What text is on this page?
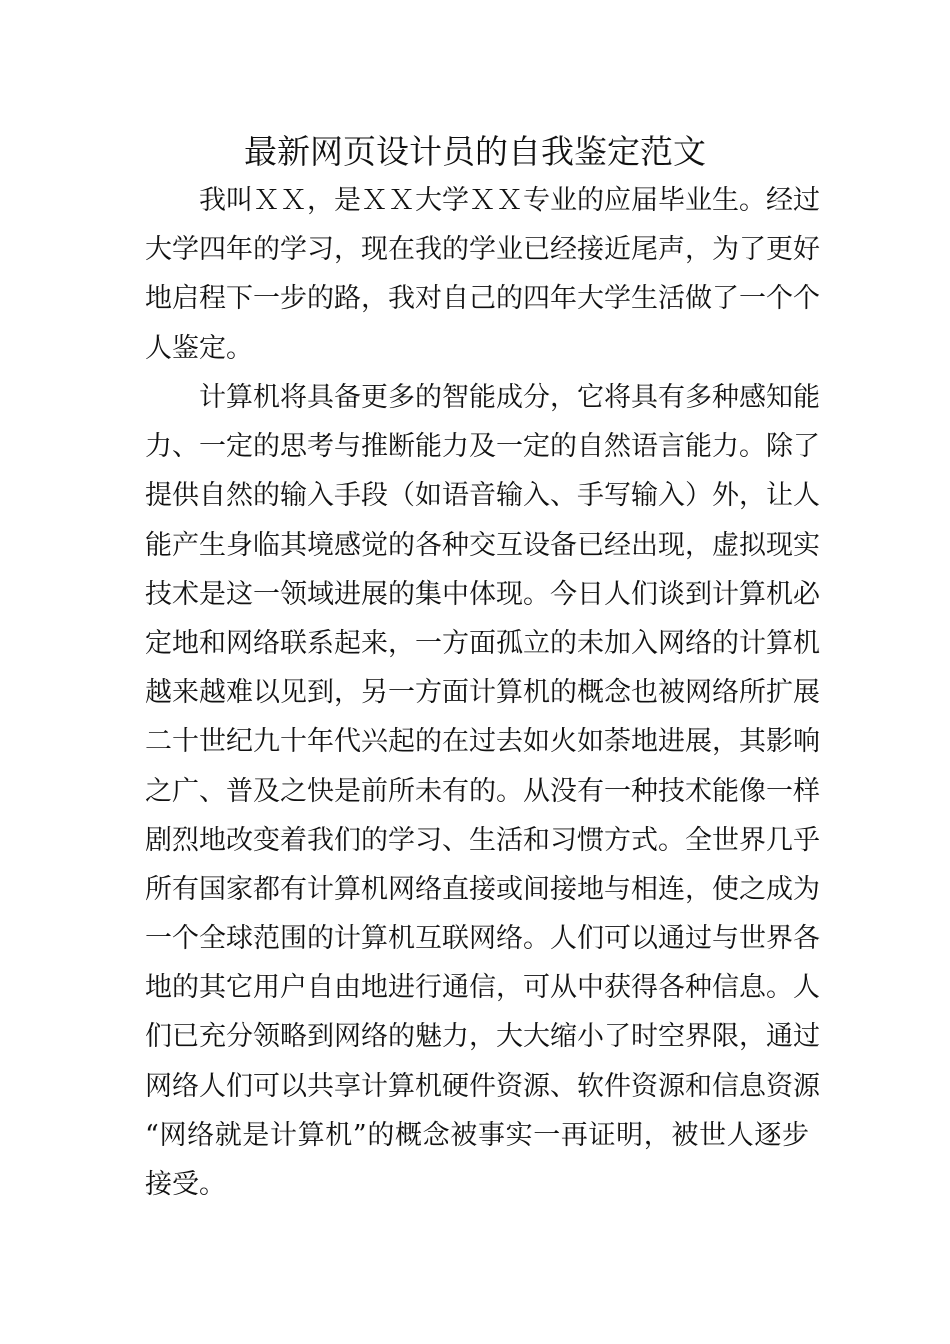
最新网页设计员的自我鉴定范文
我叫ＸＸ，是ＸＸ大学ＸＸ专业的应届毕业生。经过
大学四年的学习，现在我的学业已经接近尾声，为了更好
地启程下一步的路，我对自己的四年大学生活做了一个个
人鉴定。
计算机将具备更多的智能成分，它将具有多种感知能
力、一定的思考与推断能力及一定的自然语言能力。除了
提供自然的输入手段（如语音输入、手写输入）外，让人
能产生身临其境感觉的各种交互设备已经出现，虚拟现实
技术是这一领域进展的集中体现。今日人们谈到计算机必
定地和网络联系起来，一方面孤立的未加入网络的计算机
越来越难以见到，另一方面计算机的概念也被网络所扩展
二十世纪九十年代兴起的在过去如火如荼地进展，其影响
之广、普及之快是前所未有的。从没有一种技术能像一样
剧烈地改变着我们的学习、生活和习惯方式。全世界几乎
所有国家都有计算机网络直接或间接地与相连，使之成为
一个全球范围的计算机互联网络。人们可以通过与世界各
地的其它用户自由地进行通信，可从中获得各种信息。人
们已充分领略到网络的魅力，大大缩小了时空界限，通过
网络人们可以共享计算机硬件资源、软件资源和信息资源
“网络就是计算机”的概念被事实一再证明，被世人逐步
接受。
